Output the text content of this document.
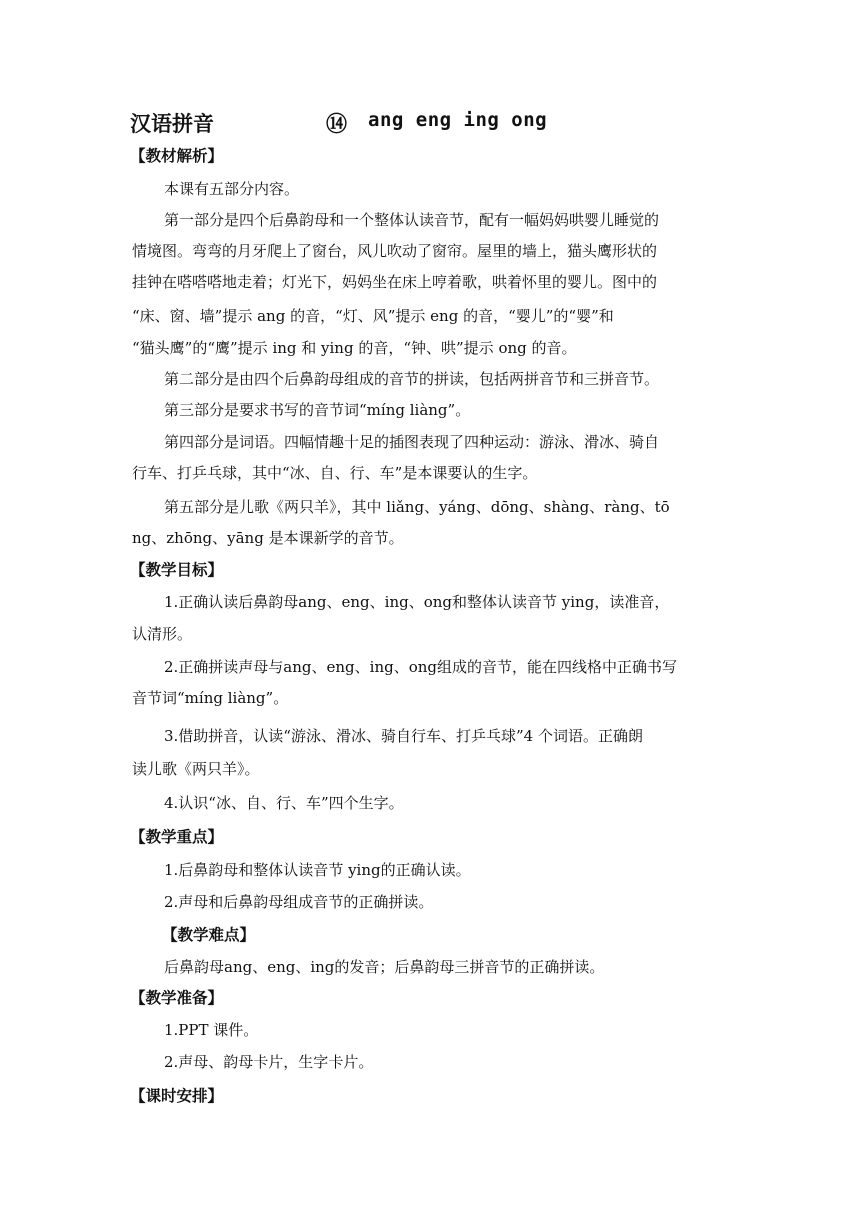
汉语拼音	⑭ ang eng ing ong
【教材解析】
本课有五部分内容。
第一部分是四个后鼻韵母和一个整体认读音节，配有一幅妈妈哄婴儿睡觉的
情境图。弯弯的月牙爬上了窗台，风儿吹动了窗帘。屋里的墙上，猫头鹰形状的
挂钟在嗒嗒嗒地走着；灯光下，妈妈坐在床上哼着歌，哄着怀里的婴儿。图中的
“床、窗、墙”提示 ang 的音，“灯、风”提示 eng 的音，“婴儿”的“婴”和
“猫头鹰”的“鹰”提示 ing 和 ying 的音，“钟、哄”提示 ong 的音。
第二部分是由四个后鼻韵母组成的音节的拼读，包括两拼音节和三拼音节。
第三部分是要求书写的音节词“míng liàng”。
第四部分是词语。四幅情趣十足的插图表现了四种运动：游泳、滑冰、骑自
行车、打乒乓球，其中“冰、自、行、车”是本课要认的生字。
第五部分是儿歌《两只羊》，其中 liǎng、yáng、dōng、shàng、ràng、tō
ng、zhōng、yāng 是本课新学的音节。
【教学目标】
1.正确认读后鼻韵母ang、eng、ing、ong和整体认读音节 ying，读准音，
认清形。
2.正确拼读声母与ang、eng、ing、ong组成的音节，能在四线格中正确书写
音节词“míng liàng”。
3.借助拼音，认读“游泳、滑冰、骑自行车、打乒乓球”4 个词语。正确朗
读儿歌《两只羊》。
4.认识“冰、自、行、车”四个生字。
【教学重点】
1.后鼻韵母和整体认读音节 ying的正确认读。
2.声母和后鼻韵母组成音节的正确拼读。
【教学难点】
后鼻韵母ang、eng、ing的发音；后鼻韵母三拼音节的正确拼读。
【教学准备】
1.PPT 课件。
2.声母、韵母卡片，生字卡片。
【课时安排】
